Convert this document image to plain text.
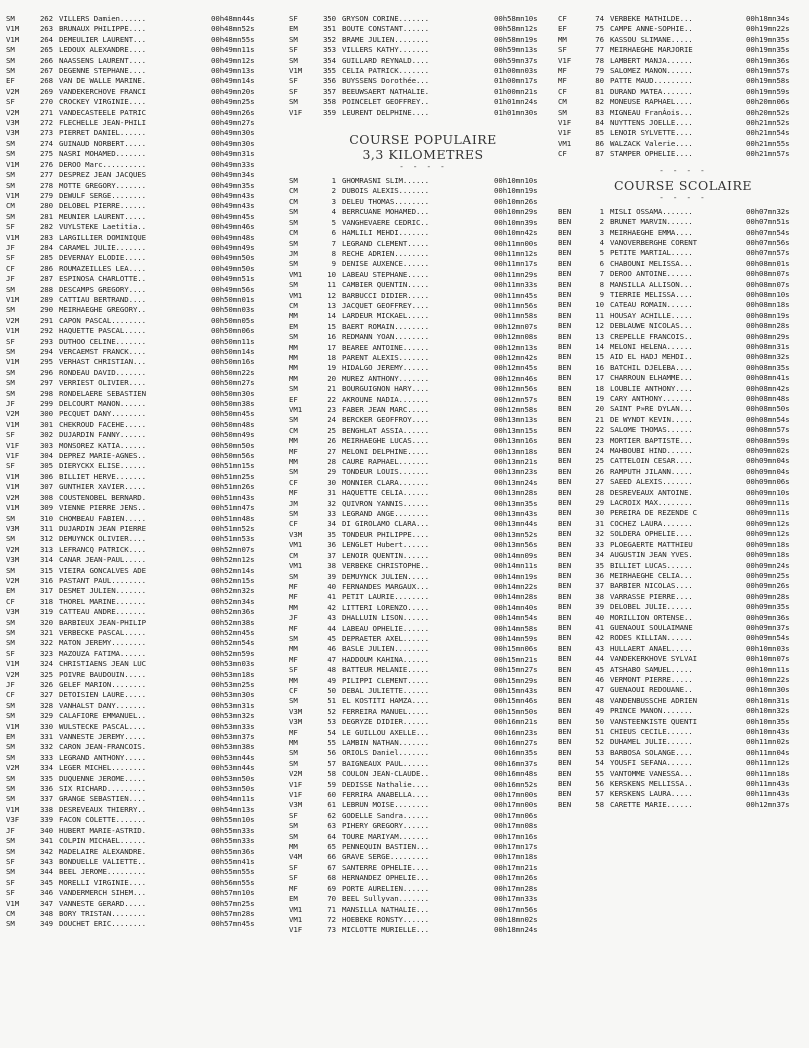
SM	262 VILLERS Damien......	00h48mn44s
V1M	263 BRUNAUX PHILIPPE....	00h48mn52s
V1M	264 DEMEULIER LAURENT...	00h48mn55s
SM	265 LEDOUX ALEXANDRE....	00h49mn11s
SM	266 NAASSENS LAURENT....	00h49mn12s
SM	267 DEGENNE STEPHANE....	00h49mn13s
EF	268 VAN DE WALLE MARINE.	00h49mn14s
V2M	269 VANDEKERCHOVE FRANCI	00h49mn20s
SF	270 CROCKEY VIRGINIE....	00h49mn25s
V2M	271 VANDECASTEELE PATRIC	00h49mn26s
V3M	272 FLECHELLE JEAN-PHILI	00h49mn27s
V3M	273 PIERRET DANIEL......	00h49mn30s
SM	274 GUINAUD NORBERT.....	00h49mn30s
SM	275 NASRI MOHAMED.......	00h49mn31s
V1M	276 DEROO Marc..........	00h49mn33s
SM	277 DESPREZ JEAN JACQUES	00h49mn34s
SM	278 MOTTE GREGORY.......	00h49mn35s
V1M	279 DEWULF SERGE........	00h49mn43s
CM	280 DELOBEL PIERRE......	00h49mn43s
SM	281 MEUNIER LAURENT.....	00h49mn45s
SF	282 VUYLSTEKE Laetitia..	00h49mn46s
V1M	283 LARGILLIER DOMINIQUE	00h49mn48s
JF	284 CARAMEL JULIE.......	00h49mn49s
SF	285 DEVERNAY ELODIE.....	00h49mn50s
CF	286 ROUMAZEILLES LEA....	00h49mn50s
JF	287 ESPINOSA CHARLOTTE..	00h49mn51s
SM	288 DESCAMPS GREGORY....	00h49mn56s
V1M	289 CATTIAU BERTRAND....	00h50mn01s
SM	290 MEIRHAEGHE GREGORY..	00h50mn03s
V2M	291 CAPON PASCAL........	00h50mn05s
V1M	292 HAQUETTE PASCAL.....	00h50mn06s
SF	293 DUTHOO CELINE.......	00h50mn11s
SM	294 VERCAEMST FRANCK....	00h50mn14s
V1M	295 VERHAST CHRISTIAN...	00h50mn16s
SM	296 RONDEAU DAVID.......	00h50mn22s
SM	297 VERRIEST OLIVIER....	00h50mn27s
SM	298 RONDELAERE SEBASTIEN	00h50mn30s
JF	299 DELCOURT MANON......	00h50mn38s
V2M	300 PECQUET DANY........	00h50mn45s
V1M	301 CHEKROUD FACEHE.....	00h50mn48s
SF	302 DUJARDIN FANNY......	00h50mn49s
V1F	303 MONSOREZ KATIA......	00h50mn50s
V1F	304 DEPREZ MARIE-AGNES..	00h50mn56s
SF	305 DIERYCKX ELISE......	00h51mn15s
V1M	306 BILLIET HERVE.......	00h51mn25s
V1M	307 GUNTHIER XAVIER.....	00h51mn26s
V2M	308 COUSTENOBEL BERNARD.	00h51mn43s
V1M	309 VIENNE PIERRE JENS..	00h51mn47s
SM	310 CHOMBEAU FABIEN.....	00h51mn48s
V3M	311 DUJARDIN JEAN PIERRE	00h51mn52s
SM	312 DEMUYNCK OLIVIER....	00h51mn53s
V2M	313 LEFRANCQ PATRICK....	00h52mn07s
V3M	314 CANAR JEAN-PAUL.....	00h52mn12s
SM	315 VIEIRA GONCALVES ADE	00h52mn14s
V2M	316 PASTANT PAUL........	00h52mn15s
EM	317 DESMET JULIEN.......	00h52mn32s
CF	318 THOREL MARINE.......	00h52mn34s
V3M	319 CATTEAU ANDRE.......	00h52mn36s
SM	320 BARBIEUX JEAN-PHILIP	00h52mn38s
SM	321 VERBECKE PASCAL.....	00h52mn45s
SM	322 MATON JEREMY........	00h52mn54s
SF	323 MAZOUZA FATIMA......	00h52mn59s
V1M	324 CHRISTIAENS JEAN LUC	00h53mn03s
V2M	325 POIVRE BAUDOUIN.....	00h53mn18s
JF	326 GELEF MARION........	00h53mn25s
CF	327 DETOISIEN LAURE.....	00h53mn30s
SM	328 VANHALST DANY.......	00h53mn31s
SM	329 CALAFIORE EMMANUEL..	00h53mn32s
V1M	330 WULSTECKE PASCAL....	00h53mn33s
EM	331 VANNESTE JEREMY.....	00h53mn37s
SM	332 CARON JEAN-FRANCOIS.	00h53mn38s
SM	333 LEGRAND ANTHONY.....	00h53mn44s
V2M	334 LEGER MICHEL........	00h53mn44s
SM	335 DUQUENNE JEROME.....	00h53mn50s
SM	336 SIX RICHARD.........	00h53mn50s
SM	337 GRANGE SEBASTIEN....	00h54mn11s
V1M	338 DESREVEAUX THIERRY..	00h54mn13s
V3F	339 FACON COLETTE.......	00h55mn10s
JF	340 HUBERT MARIE-ASTRID.	00h55mn33s
SM	341 COLPIN MICHAEL......	00h55mn33s
SM	342 MADELAIRE ALEXANDRE.	00h55mn36s
SF	343 BONDUELLE VALIETTE..	00h55mn41s
SM	344 BEEL JEROME.........	00h55mn55s
SF	345 MORELLI VIRGINIE....	00h56mn55s
SF	346 VANDERMERCH SIHEM...	00h57mn10s
V1M	347 VANNESTE GERARD.....	00h57mn25s
CM	348 BORY TRISTAN........	00h57mn28s
SM	349 DOUCHET ERIC........	00h57mn45s
SF	350 GRYSON CORINE.......	00h58mn10s
EM	351 BOUTE CONSTANT......	00h58mn12s
SM	352 BRAME JULIEN........	00h58mn19s
SF	353 VILLERS KATHY.......	00h59mn13s
SM	354 GUILLARD REYNALD....	00h59mn37s
V1M	355 CELIA PATRICK.......	01h00mn03s
SF	356 BUYSSENS Dorothée...	01h00mn17s
SF	357 BEEUWSAERT NATHALIE.	01h00mn21s
SM	358 POINCELET GEOFFREY..	01h01mn24s
V1F	359 LEURENT DELPHINE....	01h01mn30s
COURSE POPULAIRE
3,3 KILOMETRES
- - - -
SM	1 GHOMRASNI SLIM......	00h10mn10s
CM	2 DUBOIS ALEXIS.......	00h10mn19s
CM	3 DELEU THOMAS........	00h10mn26s
SM	4 BERRCUANE MOHAMED...	00h10mn29s
SM	5 VANGHEVAERE CEDRIC..	00h10mn39s
CM	6 HAMLILI MEHDI.......	00h10mn42s
SM	7 LEGRAND CLEMENT.....	00h11mn00s
JM	8 RECHE ADRIEN........	00h11mn12s
SM	9 DENISE AUXENCE......	00h11mn17s
VM1	10 LABEAU STEPHANE.....	00h11mn29s
SM	11 CAMBIER QUENTIN.....	00h11mn33s
VM1	12 BARBUCCI DIDIER.....	00h11mn45s
CM	13 JACQUET GEOFFREY....	00h11mn56s
MM	14 LARDEUR MICKAEL.....	00h11mn58s
EM	15 BAERT ROMAIN........	00h12mn07s
SM	16 REDMANN YOAN........	00h12mn08s
MM	17 BEAREE ANTOINE......	00h12mn13s
MM	18 PARENT ALEXIS.......	00h12mn42s
MM	19 HIDALGO JEREMY......	00h12mn45s
MM	20 MUREZ ANTHONY.......	00h12mn46s
SM	21 BOURGUIGNON HARY....	00h12mn56s
EF	22 AKROUNE NADIA.......	00h12mn57s
VM1	23 FABER JEAN MARC.....	00h12mn58s
SM	24 BERCKER GEOFFROY....	00h13mn13s
CM	25 BENGHLAT ASSIA......	00h13mn15s
MM	26 MEIRHAEGHE LUCAS....	00h13mn16s
MF	27 MELONI DELPHINE.....	00h13mn18s
MM	28 CAURE RAPHAEL.......	00h13mn21s
SM	29 TONDEUR LOUIS.......	00h13mn23s
CF	30 MONNIER CLARA.......	00h13mn24s
MF	31 HAQUETTE CELIA......	00h13mn28s
JM	32 QUIVRON YANNIS......	00h13mn35s
SM	33 LEGRAND ANGE........	00h13mn43s
CF	34 DI GIROLAMO CLARA...	00h13mn44s
V3M	35 TONDEUR PHILIPPE....	00h13mn52s
VM1	36 LENGLET Hubert......	00h13mn56s
CM	37 LENOIR QUENTIN......	00h14mn09s
VM1	38 VERBEKE CHRISTOPHE..	00h14mn11s
SM	39 DEMUYNCK JULIEN.....	00h14mn19s
MF	40 FERNANDES MARGAUX...	00h14mn22s
MF	41 PETIT LAURIE........	00h14mn28s
MM	42 LITTERI LORENZO.....	00h14mn40s
JF	43 DHALLUIN LISON......	00h14mn54s
MF	44 LABEAU OPHELIE......	00h14mn58s
SM	45 DEPRAETER AXEL......	00h14mn59s
MM	46 BASLE JULIEN........	00h15mn06s
MF	47 HADDOUM KAHINA......	00h15mn21s
SF	48 BATTEUR MELANIE.....	00h15mn27s
MM	49 PILIPPI CLEMENT.....	00h15mn29s
CF	50 DEBAL JULIETTE......	00h15mn43s
SM	51 EL KOSTITI HAMZA....	00h15mn46s
V3M	52 FERREIRA MANUEL.....	00h15mn50s
V3M	53 DEGRYZE DIDIER......	00h16mn21s
MF	54 LE GUILLOU AXELLE...	00h16mn23s
MM	55 LAMBIN NATHAN.......	00h16mn27s
SM	56 ORIOLS Daniel.......	00h16mn35s
SM	57 BAIGNEAUX PAUL......	00h16mn37s
V2M	58 COULON JEAN-CLAUDE..	00h16mn48s
V1F	59 DEDISSE Nathalie....	00h16mn52s
V1F	60 FERRIRA ANABELLA....	00h17mn00s
V3M	61 LEBRUN MOISE........	00h17mn00s
SF	62 GODELLE Sandra......	00h17mn06s
SM	63 PIHERY GREGORY......	00h17mn08s
SM	64 TOURE MARIYAM.......	00h17mn16s
MM	65 PENNEQUIN BASTIEN...	00h17mn17s
V4M	66 GRAVE SERGE.........	00h17mn18s
SF	67 SANTERRE OPHELIE....	00h17mn21s
SF	68 HERNANDEZ OPHELIE...	00h17mn26s
MF	69 PORTE AURELIEN......	00h17mn28s
EM	70 BEEL Sullyvan.......	00h17mn33s
VM1	71 MANSILLA NATHALIE...	00h17mn56s
VM1	72 HOEBEKE RONSTY......	00h18mn02s
V1F	73 MICLOTTE MURIELLE...	00h18mn24s
CF	74 VERBEKE MATHILDE...	00h18mn34s
EF	75 CAMPE ANNE-SOPHIE..	00h19mn22s
MM	76 KASSOU SLIMANE.....	00h19mn35s
SF	77 MEIRHAEGHE MARJORIE	00h19mn35s
V1F	78 LAMBERT MANJA......	00h19mn36s
MF	79 SALOMEZ MANON......	00h19mn57s
MF	80 PATTE MAUD.........	00h19mn58s
CF	81 DURAND MATEA.......	00h19mn59s
CM	82 MONEUSE RAPHAEL....	00h20mn06s
SM	83 MIGNEAU FranÁois...	00h20mn52s
V1F	84 NUYTTENS JOELLE....	00h21mn52s
V1F	85 LENOIR SYLVETTE....	00h21mn54s
VM1	86 WALZACK Valerie....	00h21mn55s
CF	87 STAMPER OPHELIE....	00h21mn57s
- - - -
COURSE SCOLAIRE
- - - -
BEN	1 MISLI OSSAMA.......	00h07mn32s
BEN	2 BRUNET MARVIN......	00h07mn51s
BEN	3 MEIRHAEGHE EMMA....	00h07mn54s
BEN	4 VANOVERBERGHE CORENT	00h07mn56s
BEN	5 PETITE MARTIAL.....	00h07mn57s
BEN	6 CHABOUNI MELISSA...	00h08mn01s
BEN	7 DEROO ANTOINE......	00h08mn07s
BEN	8 MANSILLA ALLISON...	00h08mn07s
BEN	9 TIERRIE MELISSA....	00h08mn10s
BEN	10 CATEAU ROMAIN......	00h08mn18s
BEN	11 HOUSAY ACHILLE.....	00h08mn19s
BEN	12 DEBLAUWE NICOLAS...	00h08mn28s
BEN	13 CREPELLE FRANCOIS..	00h08mn29s
BEN	14 MELONI HELENA......	00h08mn31s
BEN	15 AID EL HADJ MEHDI..	00h08mn32s
BEN	16 BATCHIL DJELEBA....	00h08mn35s
BEN	17 CHARROUN ELHAMME...	00h08mn41s
BEN	18 LOUBLIE ANTHONY....	00h08mn42s
BEN	19 CARY ANTHONY.......	00h08mn48s
BEN	20 SAINT P»RE DYLAN...	00h08mn50s
BEN	21 DE WYNDT KEVIN.....	00h08mn54s
BEN	22 SALOME THOMAS......	00h08mn57s
BEN	23 MORTIER BAPTISTE...	00h08mn59s
BEN	24 MAHBOUBI HIND......	00h09mn02s
BEN	25 CATTELOIN CESAR....	00h09mn04s
BEN	26 RAMPUTH JILANN.....	00h09mn04s
BEN	27 SAEED ALEXIS.......	00h09mn06s
BEN	28 DESREVEAUX ANTOINE.	00h09mn10s
BEN	29 LACROIX MAX........	00h09mn11s
BEN	30 PEREIRA DE REZENDE C	00h09mn11s
BEN	31 COCHEZ LAURA.......	00h09mn12s
BEN	32 SOLDERA OPHELIE....	00h09mn12s
BEN	33 PLOEGAERTE MATTHIEU	00h09mn18s
BEN	34 AUGUSTIN JEAN YVES.	00h09mn18s
BEN	35 BILLIET LUCAS......	00h09mn24s
BEN	36 MEIRHAEGHE CELIA...	00h09mn25s
BEN	37 BARBIER NICOLAS....	00h09mn26s
BEN	38 VARRASSE PIERRE....	00h09mn28s
BEN	39 DELOBEL JULIE......	00h09mn35s
BEN	40 MORILLION ORTENSE..	00h09mn36s
BEN	41 GUENAOUI SOULAIMANE	00h09mn37s
BEN	42 RODES KILLIAN......	00h09mn54s
BEN	43 HULLAERT ANAEL.....	00h10mn03s
BEN	44 VANDEKERKHOVE SYLVAI	00h10mn07s
BEN	45 ATSHABO SAMUEL.....	00h10mn11s
BEN	46 VERMONT PIERRE.....	00h10mn22s
BEN	47 GUENAOUI REDOUANE..	00h10mn30s
BEN	48 VANDENBUSSCHE ADRIEN	00h10mn31s
BEN	49 PRINCE MANON.......	00h10mn32s
BEN	50 VANSTEENKISTE QUENTI	00h10mn35s
BEN	51 CHIEUS CECILE......	00h10mn43s
BEN	52 DUHAMEL JULIE......	00h11mn02s
BEN	53 BARBOSA SOLANGE....	00h11mn04s
BEN	54 YOUSFI SEFANA......	00h11mn12s
BEN	55 VANTOMME VANESSA...	00h11mn18s
BEN	56 KERSKENS MELLISSA..	00h11mn43s
BEN	57 KERSKENS LAURA.....	00h11mn43s
BEN	58 CARETTE MARIE......	00h12mn37s
